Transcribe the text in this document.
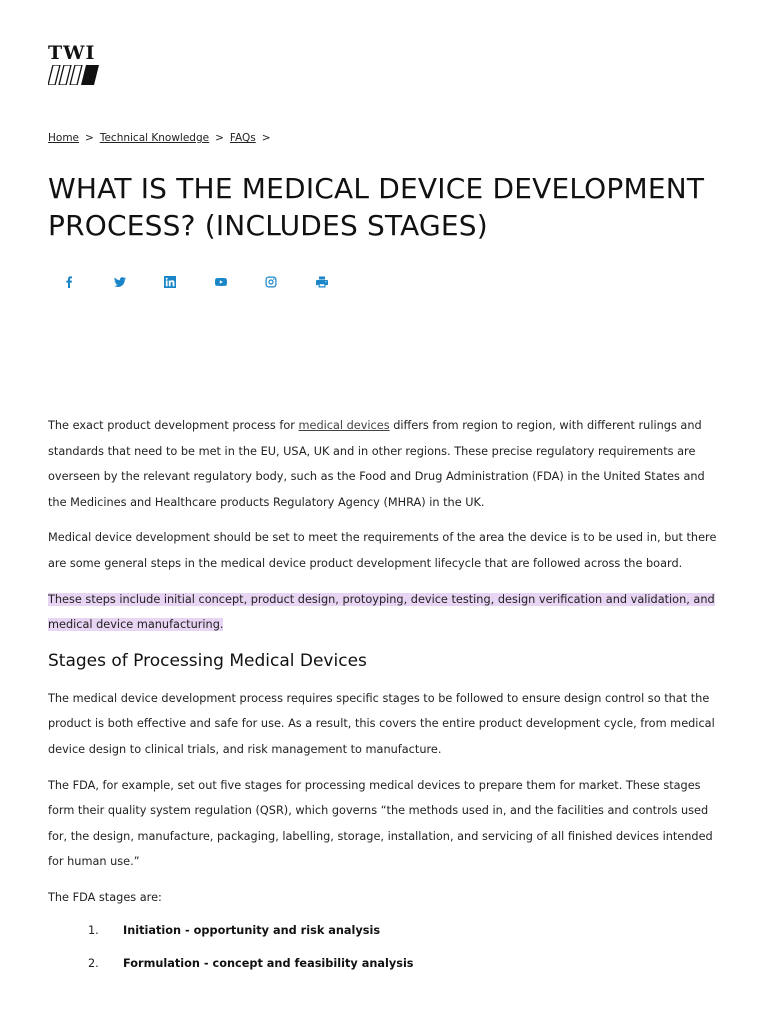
TWI
Home > Technical Knowledge > FAQs >
WHAT IS THE MEDICAL DEVICE DEVELOPMENT PROCESS? (INCLUDES STAGES)

The exact product development process for medical devices differs from region to region, with different rulings and standards that need to be met in the EU, USA, UK and in other regions. These precise regulatory requirements are overseen by the relevant regulatory body, such as the Food and Drug Administration (FDA) in the United States and the Medicines and Healthcare products Regulatory Agency (MHRA) in the UK.

Medical device development should be set to meet the requirements of the area the device is to be used in, but there are some general steps in the medical device product development lifecycle that are followed across the board.

These steps include initial concept, product design, protoyping, device testing, design verification and validation, and medical device manufacturing.

Stages of Processing Medical Devices

The medical device development process requires specific stages to be followed to ensure design control so that the product is both effective and safe for use. As a result, this covers the entire product development cycle, from medical device design to clinical trials, and risk management to manufacture.

The FDA, for example, set out five stages for processing medical devices to prepare them for market. These stages form their quality system regulation (QSR), which governs “the methods used in, and the facilities and controls used for, the design, manufacture, packaging, labelling, storage, installation, and servicing of all finished devices intended for human use.”

The FDA stages are:

1.	Initiation - opportunity and risk analysis
2.	Formulation - concept and feasibility analysis
